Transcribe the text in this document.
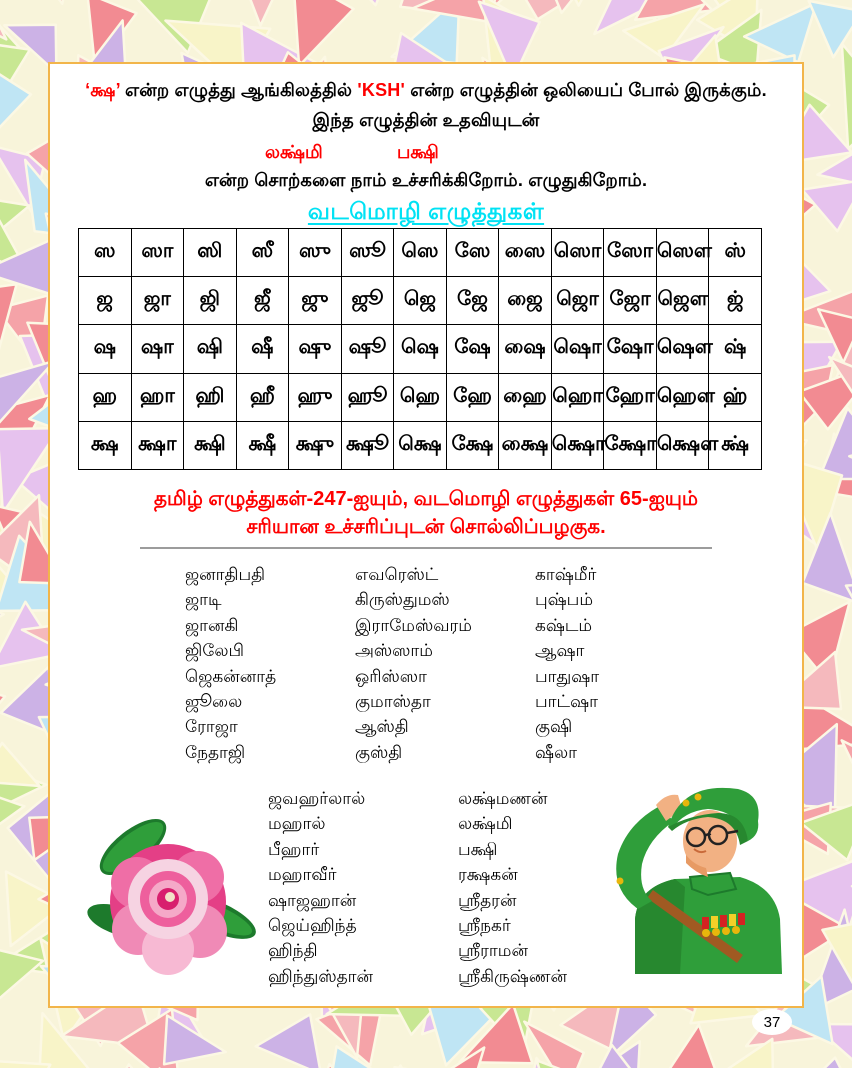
‘க்ஷ’ என்ற எழுத்து ஆங்கிலத்தில் 'KSH' என்ற எழுத்தின் ஒலியைப் போல் இருக்கும்.
இந்த எழுத்தின் உதவியுடன்
லக்ஷ்மி	பக்ஷி
என்ற சொற்களை நாம் உச்சரிக்கிறோம். எழுதுகிறோம்.
வடமொழி எழுத்துகள்
ஸ	ஸா	ஸி	ஸீ	ஸு	ஸூ	ஸெ	ஸே	ஸை	ஸொ	ஸோ	ஸௌ	ஸ்
ஜ	ஜா	ஜி	ஜீ	ஜு	ஜூ	ஜெ	ஜே	ஜை	ஜொ	ஜோ	ஜௌ	ஜ்
ஷ	ஷா	ஷி	ஷீ	ஷு	ஷூ	ஷெ	ஷே	ஷை	ஷொ	ஷோ	ஷௌ	ஷ்
ஹ	ஹா	ஹி	ஹீ	ஹு	ஹூ	ஹெ	ஹே	ஹை	ஹொ	ஹோ	ஹௌ	ஹ்
க்ஷ	க்ஷா	க்ஷி	க்ஷீ	க்ஷு	க்ஷூ	க்ஷெ	க்ஷே	க்ஷை	க்ஷொ	க்ஷோ	க்ஷௌ	க்ஷ்
தமிழ் எழுத்துகள்-247-ஐயும், வடமொழி எழுத்துகள் 65-ஐயும்
சரியான உச்சரிப்புடன் சொல்லிப்பழகுக.
ஜனாதிபதி
ஜாடி
ஜானகி
ஜிலேபி
ஜெகன்னாத்
ஜூலை
ரோஜா
நேதாஜி
எவரெஸ்ட்
கிருஸ்துமஸ்
இராமேஸ்வரம்
அஸ்ஸாம்
ஒரிஸ்ஸா
குமாஸ்தா
ஆஸ்தி
குஸ்தி
காஷ்மீர்
புஷ்பம்
கஷ்டம்
ஆஷா
பாதுஷா
பாட்ஷா
குஷி
ஷீலா
ஜவஹர்லால்
மஹால்
பீஹார்
மஹாவீர்
ஷாஜஹான்
ஜெய்ஹிந்த்
ஹிந்தி
ஹிந்துஸ்தான்
லக்ஷ்மணன்
லக்ஷ்மி
பக்ஷி
ரக்ஷகன்
ஸ்ரீதரன்
ஸ்ரீநகர்
ஸ்ரீராமன்
ஸ்ரீகிருஷ்ணன்
37
